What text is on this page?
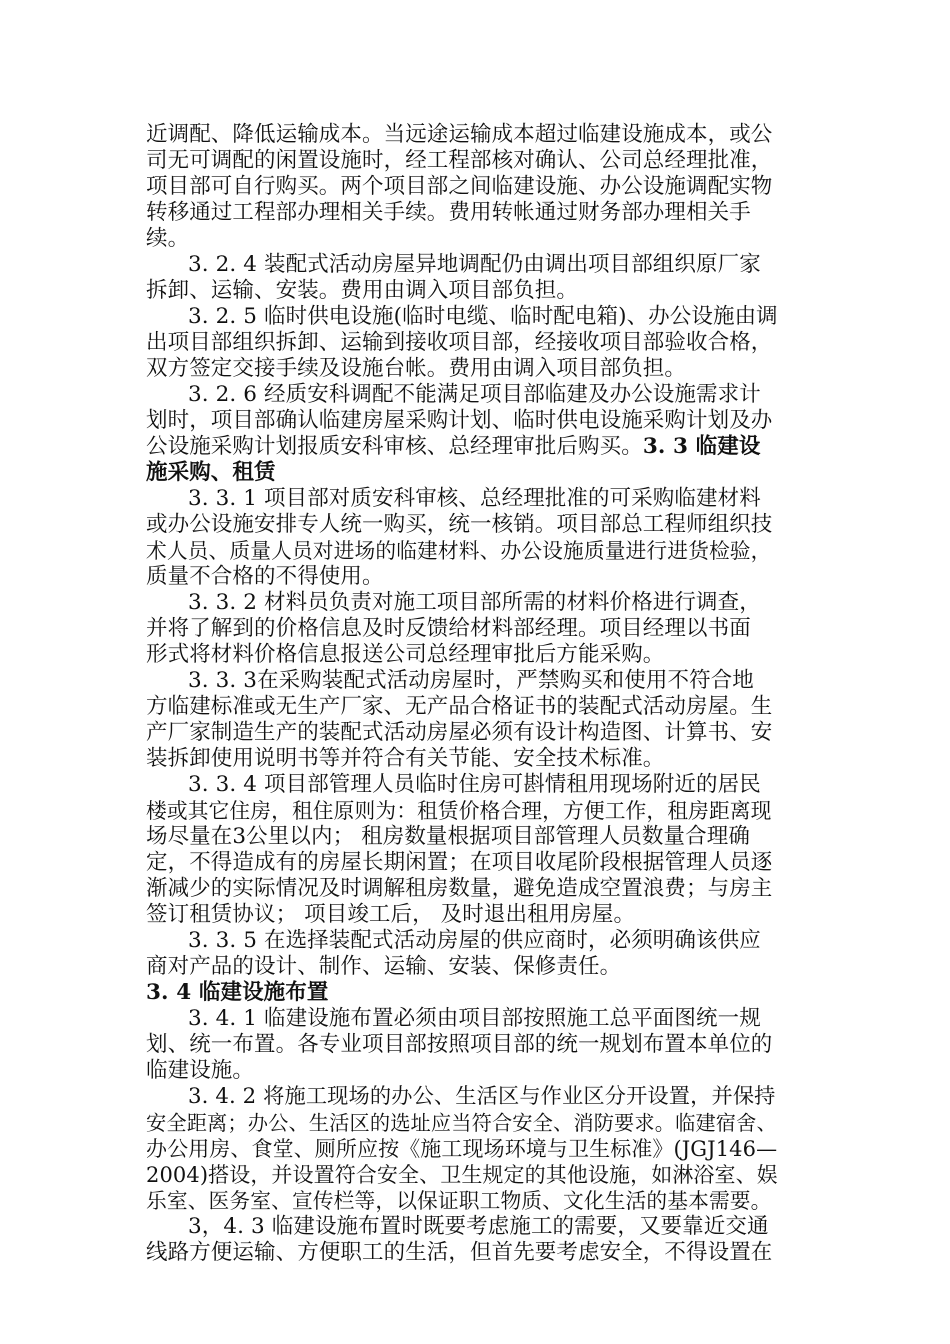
近调配、降低运输成本。当远途运输成本超过临建设施成本，或公
司无可调配的闲置设施时，经工程部核对确认、公司总经理批准，
项目部可自行购买。两个项目部之间临建设施、办公设施调配实物
转移通过工程部办理相关手续。费用转帐通过财务部办理相关手
续。
3. 2. 4 装配式活动房屋异地调配仍由调出项目部组织原厂家
拆卸、运输、安装。费用由调入项目部负担。
3. 2. 5 临时供电设施(临时电缆、临时配电箱)、办公设施由调
出项目部组织拆卸、运输到接收项目部，经接收项目部验收合格，
双方签定交接手续及设施台帐。费用由调入项目部负担。
3. 2. 6 经质安科调配不能满足项目部临建及办公设施需求计
划时，项目部确认临建房屋采购计划、临时供电设施采购计划及办
公设施采购计划报质安科审核、总经理审批后购买。3. 3 临建设
施采购、租赁
3. 3. 1 项目部对质安科审核、总经理批准的可采购临建材料
或办公设施安排专人统一购买，统一核销。项目部总工程师组织技
术人员、质量人员对进场的临建材料、办公设施质量进行进货检验，
质量不合格的不得使用。
3. 3. 2 材料员负责对施工项目部所需的材料价格进行调查，
并将了解到的价格信息及时反馈给材料部经理。项目经理以书面
形式将材料价格信息报送公司总经理审批后方能采购。
3. 3. 3在采购装配式活动房屋时，严禁购买和使用不符合地
方临建标准或无生产厂家、无产品合格证书的装配式活动房屋。生
产厂家制造生产的装配式活动房屋必须有设计构造图、计算书、安
装拆卸使用说明书等并符合有关节能、安全技术标准。
3. 3. 4 项目部管理人员临时住房可斟情租用现场附近的居民
楼或其它住房，租住原则为：租赁价格合理，方便工作，租房距离现
场尽量在3公里以内； 租房数量根据项目部管理人员数量合理确
定，不得造成有的房屋长期闲置；在项目收尾阶段根据管理人员逐
渐减少的实际情况及时调解租房数量，避免造成空置浪费；与房主
签订租赁协议； 项目竣工后， 及时退出租用房屋。
3. 3. 5 在选择装配式活动房屋的供应商时，必须明确该供应
商对产品的设计、制作、运输、安装、保修责任。
3. 4 临建设施布置
3. 4. 1 临建设施布置必须由项目部按照施工总平面图统一规
划、统一布置。各专业项目部按照项目部的统一规划布置本单位的
临建设施。
3. 4. 2 将施工现场的办公、生活区与作业区分开设置，并保持
安全距离；办公、生活区的选址应当符合安全、消防要求。临建宿舍、
办公用房、食堂、厕所应按《施工现场环境与卫生标准》(JGJ146—
2004)搭设，并设置符合安全、卫生规定的其他设施，如淋浴室、娱
乐室、医务室、宣传栏等，以保证职工物质、文化生活的基本需要。
3，4. 3 临建设施布置时既要考虑施工的需要，又要靠近交通
线路方便运输、方便职工的生活，但首先要考虑安全，不得设置在
